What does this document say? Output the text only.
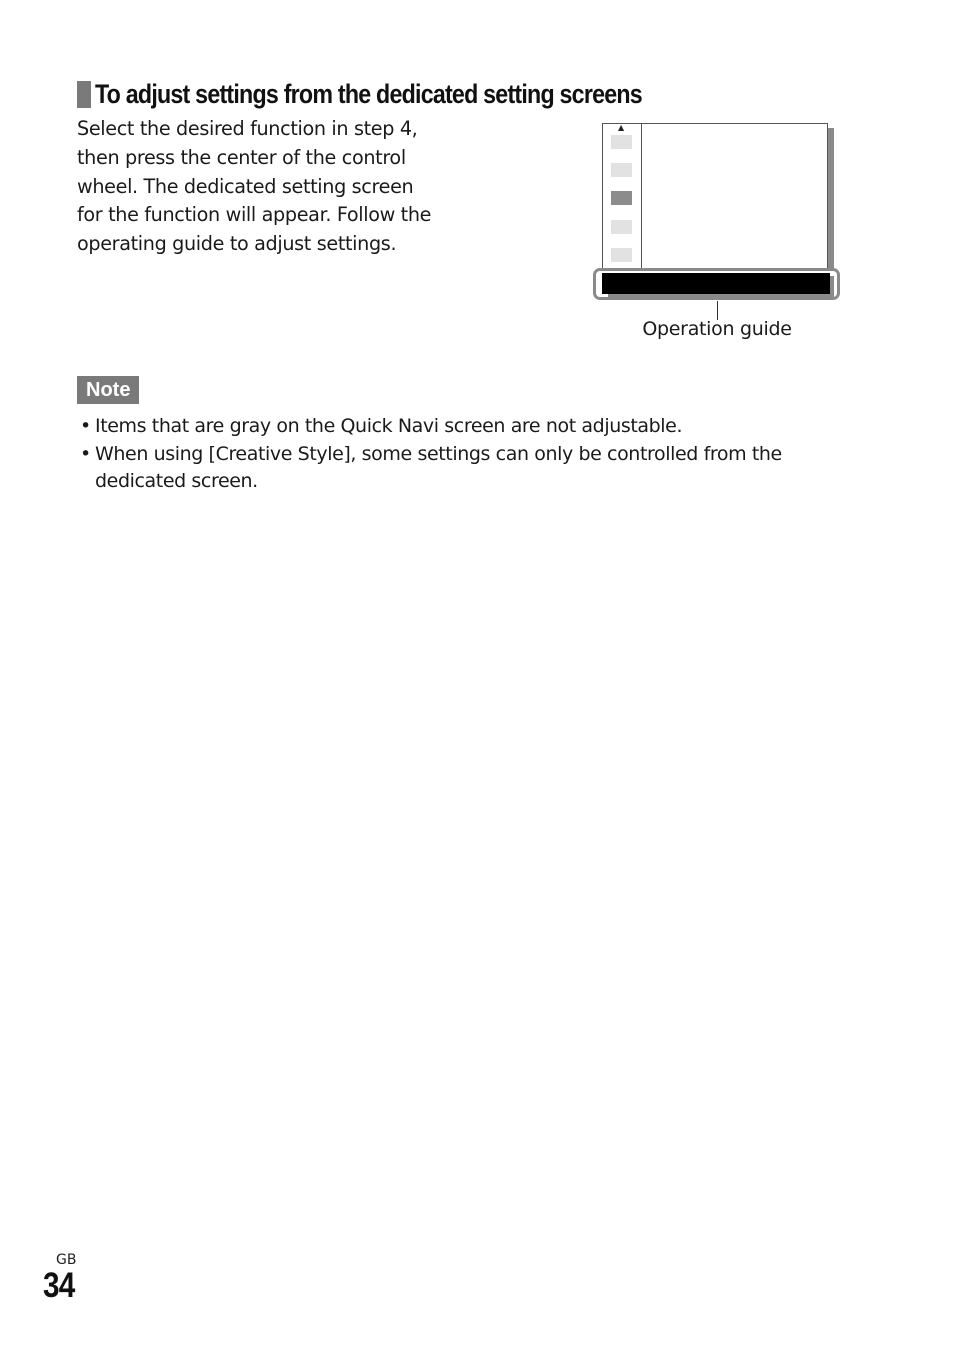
To adjust settings from the dedicated setting screens
Select the desired function in step 4,
then press the center of the control
wheel. The dedicated setting screen
for the function will appear. Follow the
operating guide to adjust settings.
▲
Operation guide
Note
• Items that are gray on the Quick Navi screen are not adjustable.
• When using [Creative Style], some settings can only be controlled from the dedicated screen.
GB
34
